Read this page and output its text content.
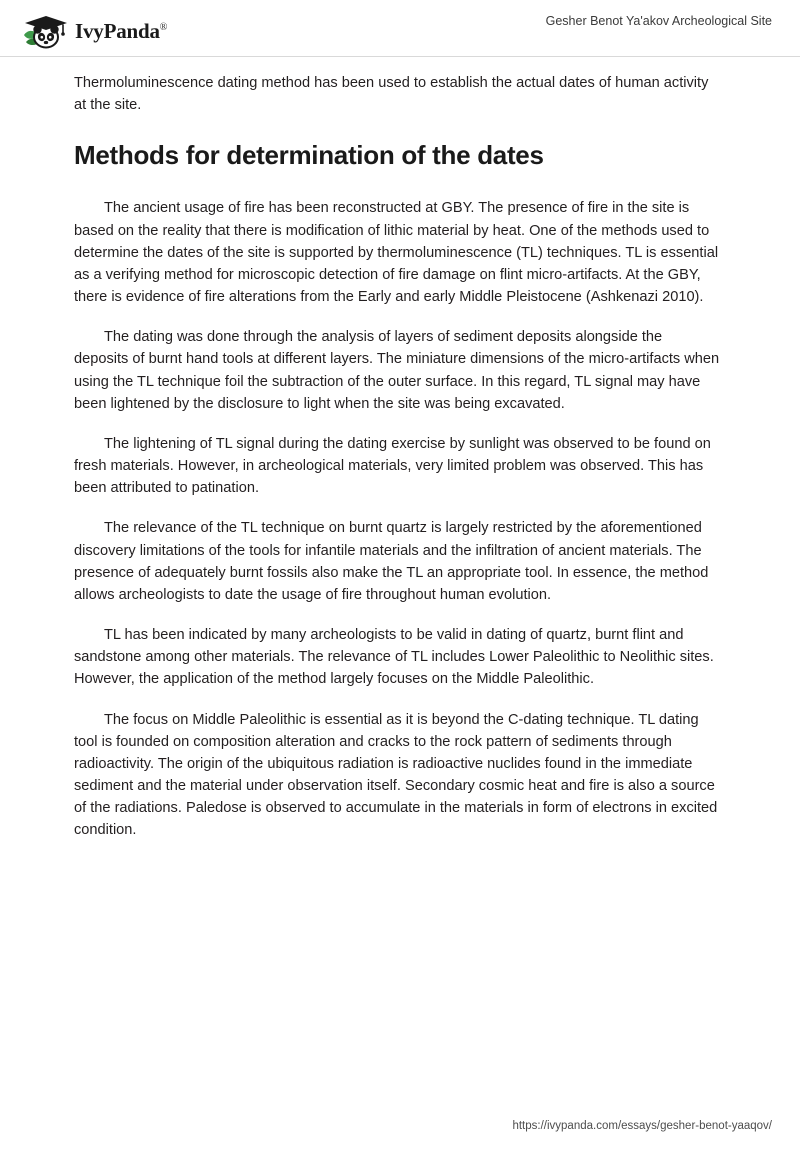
IvyPanda®	Gesher Benot Ya'akov Archeological Site

Thermoluminescence dating method has been used to establish the actual dates of human activity at the site.

Methods for determination of the dates

The ancient usage of fire has been reconstructed at GBY. The presence of fire in the site is based on the reality that there is modification of lithic material by heat. One of the methods used to determine the dates of the site is supported by thermoluminescence (TL) techniques. TL is essential as a verifying method for microscopic detection of fire damage on flint micro-artifacts. At the GBY, there is evidence of fire alterations from the Early and early Middle Pleistocene (Ashkenazi 2010).

The dating was done through the analysis of layers of sediment deposits alongside the deposits of burnt hand tools at different layers. The miniature dimensions of the micro-artifacts when using the TL technique foil the subtraction of the outer surface. In this regard, TL signal may have been lightened by the disclosure to light when the site was being excavated.

The lightening of TL signal during the dating exercise by sunlight was observed to be found on fresh materials. However, in archeological materials, very limited problem was observed. This has been attributed to patination.

The relevance of the TL technique on burnt quartz is largely restricted by the aforementioned discovery limitations of the tools for infantile materials and the infiltration of ancient materials. The presence of adequately burnt fossils also make the TL an appropriate tool. In essence, the method allows archeologists to date the usage of fire throughout human evolution.

TL has been indicated by many archeologists to be valid in dating of quartz, burnt flint and sandstone among other materials. The relevance of TL includes Lower Paleolithic to Neolithic sites. However, the application of the method largely focuses on the Middle Paleolithic.

The focus on Middle Paleolithic is essential as it is beyond the C-dating technique. TL dating tool is founded on composition alteration and cracks to the rock pattern of sediments through radioactivity. The origin of the ubiquitous radiation is radioactive nuclides found in the immediate sediment and the material under observation itself. Secondary cosmic heat and fire is also a source of the radiations. Paledose is observed to accumulate in the materials in form of electrons in excited condition.

https://ivypanda.com/essays/gesher-benot-yaaqov/
